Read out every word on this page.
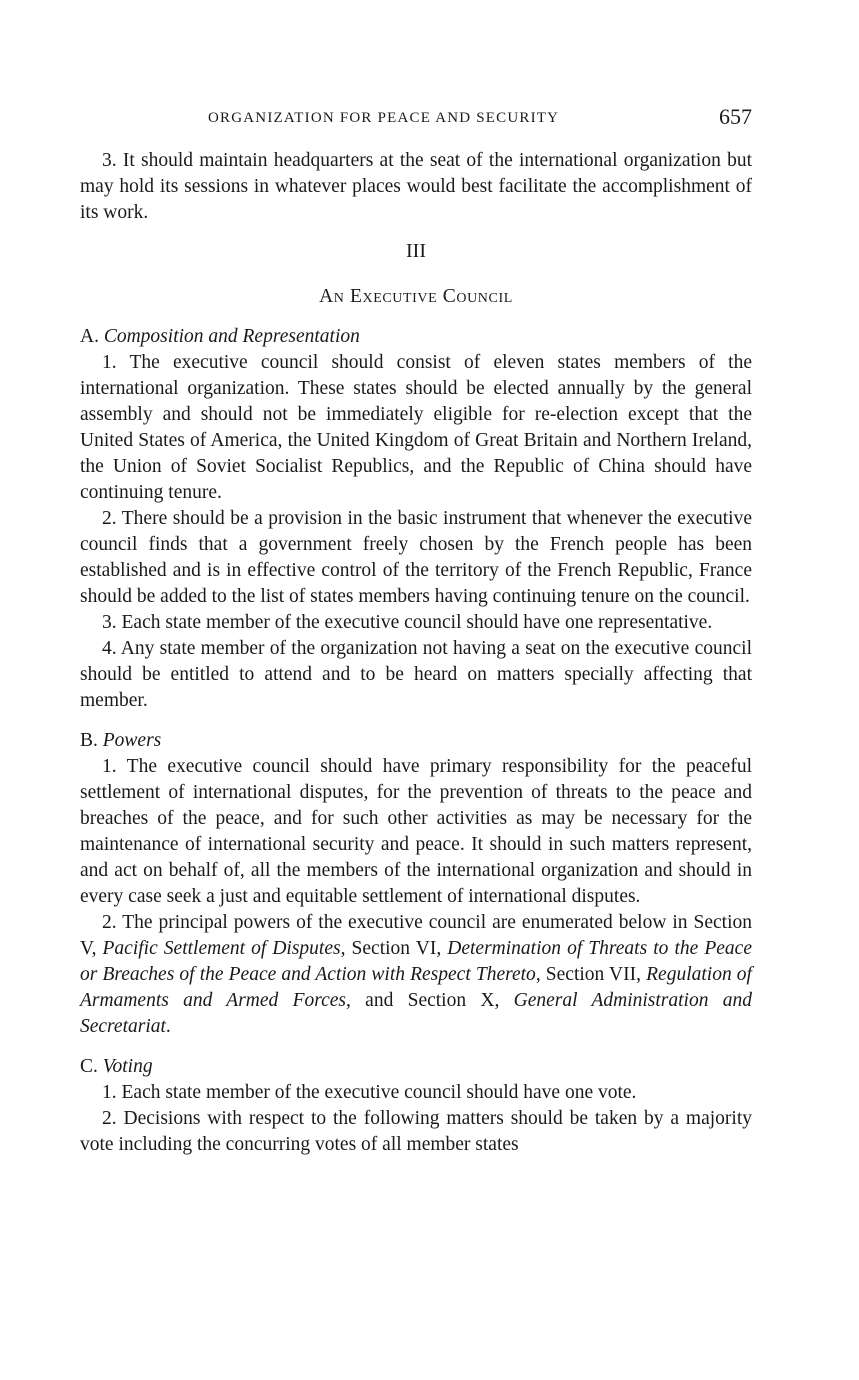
ORGANIZATION FOR PEACE AND SECURITY	657

3. It should maintain headquarters at the seat of the international organization but may hold its sessions in whatever places would best facilitate the accomplishment of its work.

III
An Executive Council

A. Composition and Representation

1. The executive council should consist of eleven states members of the international organization. These states should be elected annually by the general assembly and should not be immediately eligible for re-election except that the United States of America, the United Kingdom of Great Britain and Northern Ireland, the Union of Soviet Socialist Republics, and the Republic of China should have continuing tenure.

2. There should be a provision in the basic instrument that whenever the executive council finds that a government freely chosen by the French people has been established and is in effective control of the territory of the French Republic, France should be added to the list of states members having continuing tenure on the council.

3. Each state member of the executive council should have one representative.

4. Any state member of the organization not having a seat on the executive council should be entitled to attend and to be heard on matters specially affecting that member.

B. Powers

1. The executive council should have primary responsibility for the peaceful settlement of international disputes, for the prevention of threats to the peace and breaches of the peace, and for such other activities as may be necessary for the maintenance of international security and peace. It should in such matters represent, and act on behalf of, all the members of the international organization and should in every case seek a just and equitable settlement of international disputes.

2. The principal powers of the executive council are enumerated below in Section V, Pacific Settlement of Disputes, Section VI, Determination of Threats to the Peace or Breaches of the Peace and Action with Respect Thereto, Section VII, Regulation of Armaments and Armed Forces, and Section X, General Administration and Secretariat.

C. Voting

1. Each state member of the executive council should have one vote.

2. Decisions with respect to the following matters should be taken by a majority vote including the concurring votes of all member states
